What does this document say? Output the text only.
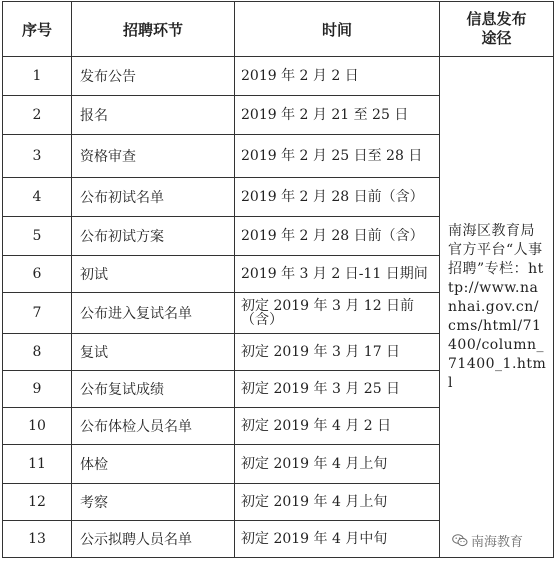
序号	招聘环节	时间	信息发布
途径

1	发布公告	2019 年 2 月 2 日	南海区教育局官方平台“人事招聘”专栏：http://www.nanhai.gov.cn/cms/html/71400/column_71400_1.html
2	报名	2019 年 2 月 21 至 25 日	
3	资格审查	2019 年 2 月 25 日至 28 日	
4	公布初试名单	2019 年 2 月 28 日前（含）	
5	公布初试方案	2019 年 2 月 28 日前（含）	
6	初试	2019 年 3 月 2 日-11 日期间	
7	公布进入复试名单	初定 2019 年 3 月 12 日前（含）	
8	复试	初定 2019 年 3 月 17 日	
9	公布复试成绩	初定 2019 年 3 月 25 日	
10	公布体检人员名单	初定 2019 年 4 月 2 日	
11	体检	初定 2019 年 4 月上旬	
12	考察	初定 2019 年 4 月上旬	
13	公示拟聘人员名单	初定 2019 年 4 月中旬		南海教育
